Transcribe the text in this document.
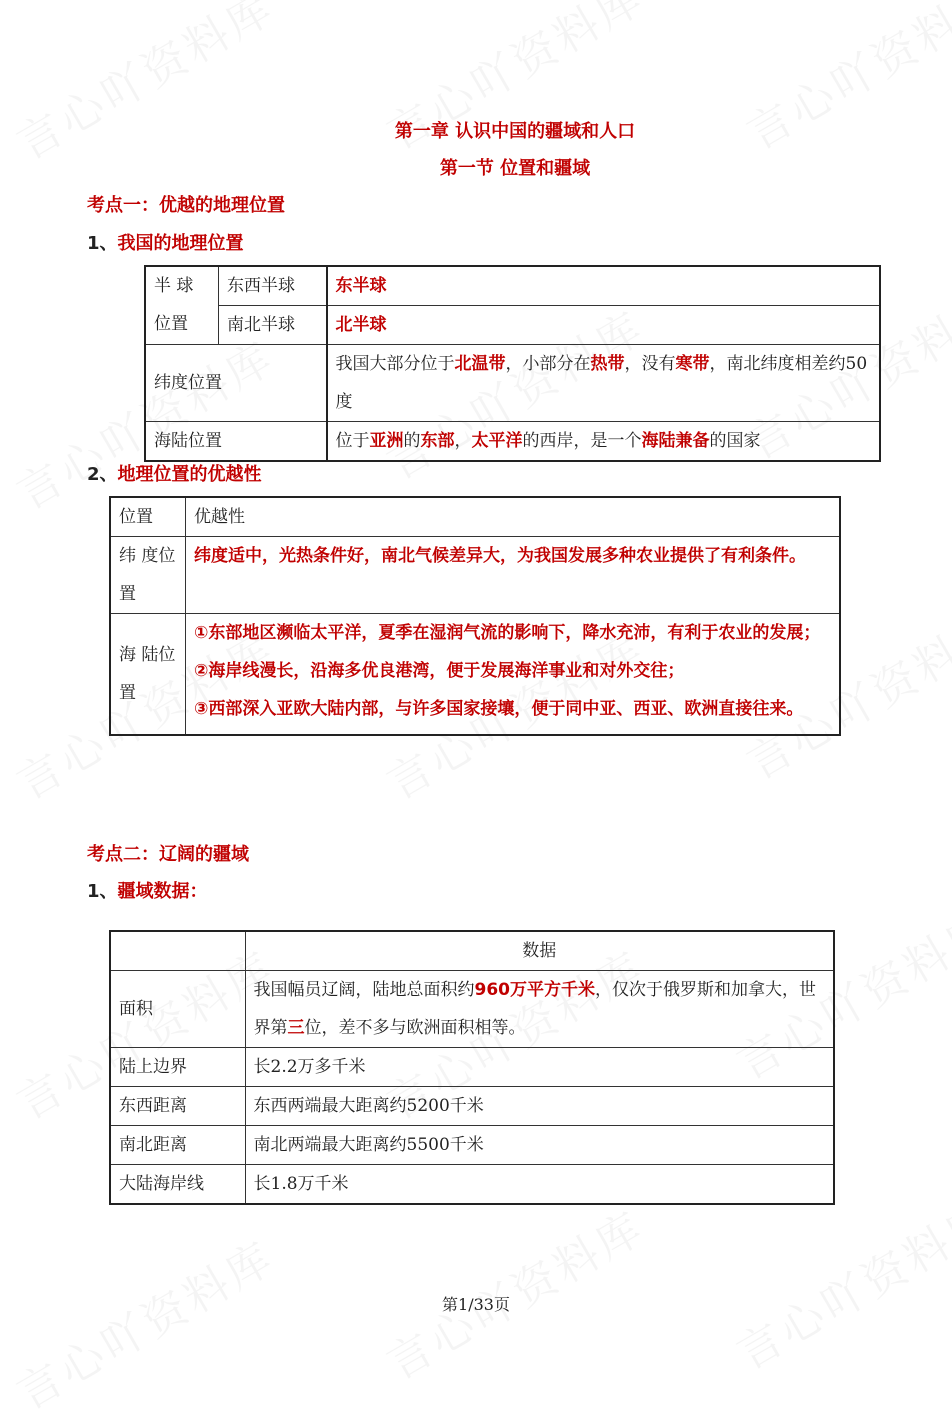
第一章 认识中国的疆域和人口
第一节 位置和疆域
考点一：优越的地理位置
1、我国的地理位置
半 球位置	东西半球	东半球
	南北半球	北半球
纬度位置		我国大部分位于北温带，小部分在热带，没有寒带，南北纬度相差约50度
海陆位置		位于亚洲的东部，太平洋的西岸，是一个海陆兼备的国家
2、地理位置的优越性
位置	优越性

纬 度位置	纬度适中，光热条件好，南北气候差异大，为我国发展多种农业提供了有利条件。

海 陆位置	①东部地区濒临太平洋，夏季在湿润气流的影响下，降水充沛，有利于农业的发展；
②海岸线漫长，沿海多优良港湾，便于发展海洋事业和对外交往；
③西部深入亚欧大陆内部，与许多国家接壤，便于同中亚、西亚、欧洲直接往来。
考点二：辽阔的疆域
1、疆域数据：
	数据
面积	我国幅员辽阔，陆地总面积约960万平方千米，仅次于俄罗斯和加拿大，世界第三位，差不多与欧洲面积相等。
陆上边界	长2.2万多千米
东西距离	东西两端最大距离约5200千米
南北距离	南北两端最大距离约5500千米
大陆海岸线	长1.8万千米
第1/33页
